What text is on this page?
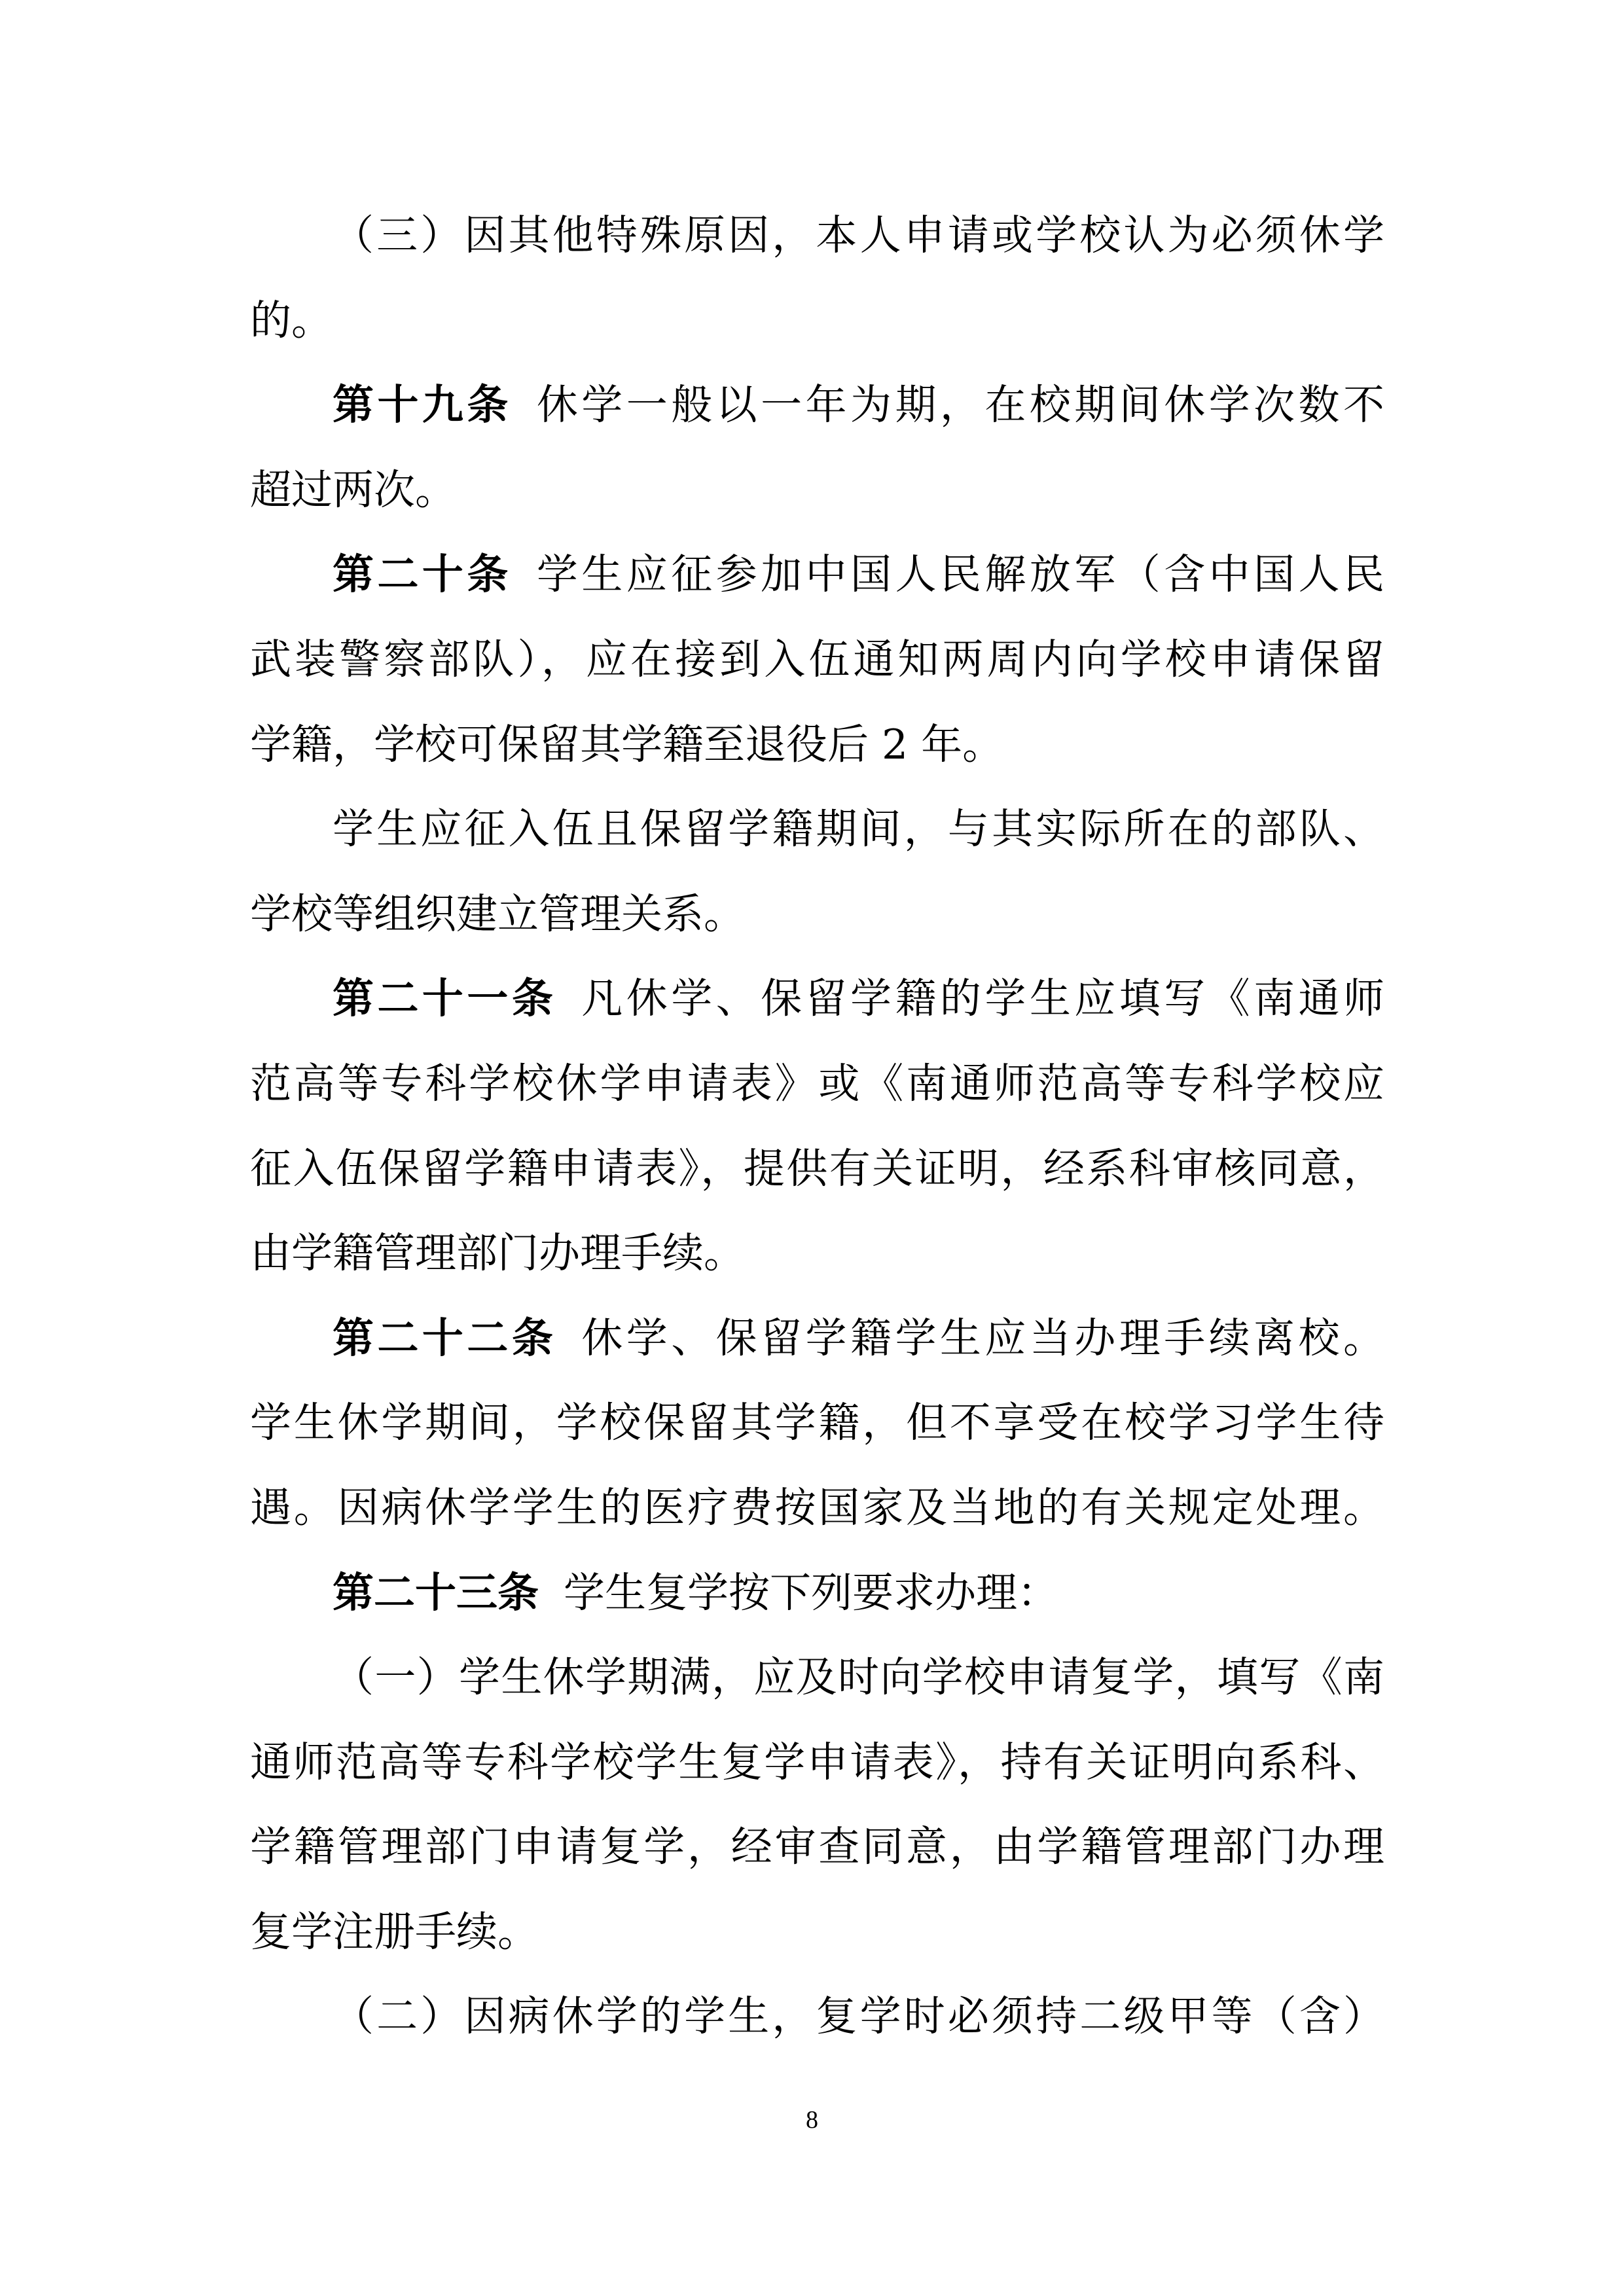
（三）因其他特殊原因，本人申请或学校认为必须休学
的。
第十九条 休学一般以一年为期，在校期间休学次数不
超过两次。
第二十条 学生应征参加中国人民解放军（含中国人民
武装警察部队），应在接到入伍通知两周内向学校申请保留
学籍，学校可保留其学籍至退役后 2 年。
学生应征入伍且保留学籍期间，与其实际所在的部队、
学校等组织建立管理关系。
第二十一条 凡休学、保留学籍的学生应填写《南通师
范高等专科学校休学申请表》或《南通师范高等专科学校应
征入伍保留学籍申请表》，提供有关证明，经系科审核同意，
由学籍管理部门办理手续。
第二十二条 休学、保留学籍学生应当办理手续离校。
学生休学期间，学校保留其学籍，但不享受在校学习学生待
遇。因病休学学生的医疗费按国家及当地的有关规定处理。
第二十三条 学生复学按下列要求办理：
（一）学生休学期满，应及时向学校申请复学，填写《南
通师范高等专科学校学生复学申请表》，持有关证明向系科、
学籍管理部门申请复学，经审查同意，由学籍管理部门办理
复学注册手续。
（二）因病休学的学生，复学时必须持二级甲等（含）
8
